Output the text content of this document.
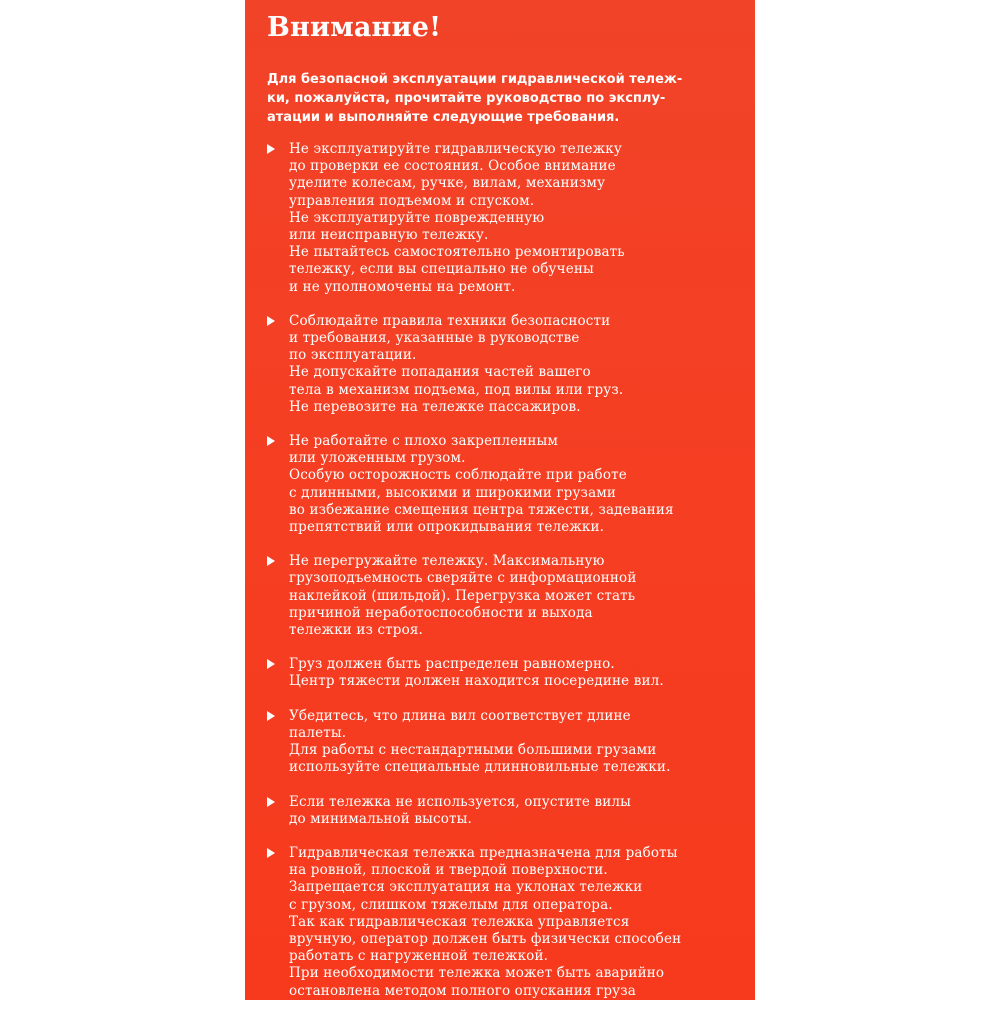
Внимание!

Для безопасной эксплуатации гидравлической тележ-
ки, пожалуйста, прочитайте руководство по эксплу-
атации и выполняйте следующие требования.

Не эксплуатируйте гидравлическую тележку
до проверки ее состояния. Особое внимание
уделите колесам, ручке, вилам, механизму
управления подъемом и спуском.
Не эксплуатируйте поврежденную
или неисправную тележку.
Не пытайтесь самостоятельно ремонтировать
тележку, если вы специально не обучены
и не уполномочены на ремонт.
Соблюдайте правила техники безопасности
и требования, указанные в руководстве
по эксплуатации.
Не допускайте попадания частей вашего
тела в механизм подъема, под вилы или груз.
Не перевозите на тележке пассажиров.
Не работайте с плохо закрепленным
или уложенным грузом.
Особую осторожность соблюдайте при работе
с длинными, высокими и широкими грузами
во избежание смещения центра тяжести, задевания
препятствий или опрокидывания тележки.
Не перегружайте тележку. Максимальную
грузоподъемность сверяйте с информационной
наклейкой (шильдой). Перегрузка может стать
причиной неработоспособности и выхода
тележки из строя.
Груз должен быть распределен равномерно.
Центр тяжести должен находится посередине вил.
Убедитесь, что длина вил соответствует длине
палеты.
Для работы с нестандартными большими грузами
используйте специальные длинновильные тележки.
Если тележка не используется, опустите вилы
до минимальной высоты.
Гидравлическая тележка предназначена для работы
на ровной, плоской и твердой поверхности.
Запрещается эксплуатация на уклонах тележки
с грузом, слишком тяжелым для оператора.
Так как гидравлическая тележка управляется
вручную, оператор должен быть физически способен
работать с нагруженной тележкой.
При необходимости тележка может быть аварийно
остановлена методом полного опускания груза
до земли.
